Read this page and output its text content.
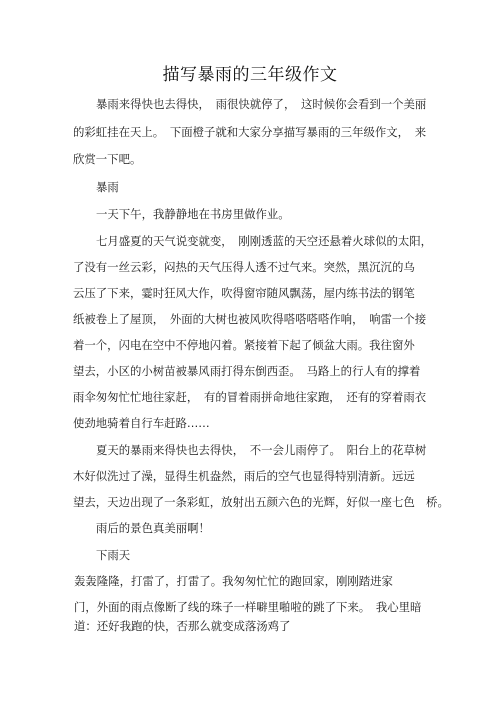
描写暴雨的三年级作文
暴雨来得快也去得快，　雨很快就停了，　这时候你会看到一个美丽
的彩虹挂在天上。　下面橙子就和大家分享描写暴雨的三年级作文，　来
欣赏一下吧。
暴雨
一天下午，我静静地在书房里做作业。
七月盛夏的天气说变就变，　刚刚透蓝的天空还悬着火球似的太阳，
了没有一丝云彩，闷热的天气压得人透不过气来。突然，黑沉沉的乌
云压了下来，霎时狂风大作，吹得窗帘随风飘荡，屋内练书法的钢笔
纸被卷上了屋顶，　外面的大树也被风吹得嗒嗒嗒嗒作响，　响雷一个接
着一个，闪电在空中不停地闪着。紧接着下起了倾盆大雨。我往窗外
望去，小区的小树苗被暴风雨打得东倒西歪。　马路上的行人有的撑着
雨伞匆匆忙忙地往家赶，　有的冒着雨拼命地往家跑，　还有的穿着雨衣
使劲地骑着自行车赶路……
夏天的暴雨来得快也去得快，　不一会儿雨停了。　阳台上的花草树
木好似洗过了澡，显得生机盎然，雨后的空气也显得特别清新。远远
望去，天边出现了一条彩虹，放射出五颜六色的光辉，好似一座七色　桥。
雨后的景色真美丽啊！
下雨天
轰轰隆隆，打雷了，打雷了。我匆匆忙忙的跑回家，刚刚踏进家
门，外面的雨点像断了线的珠子一样噼里啪啦的跳了下来。　我心里暗
道：还好我跑的快，否那么就变成落汤鸡了
